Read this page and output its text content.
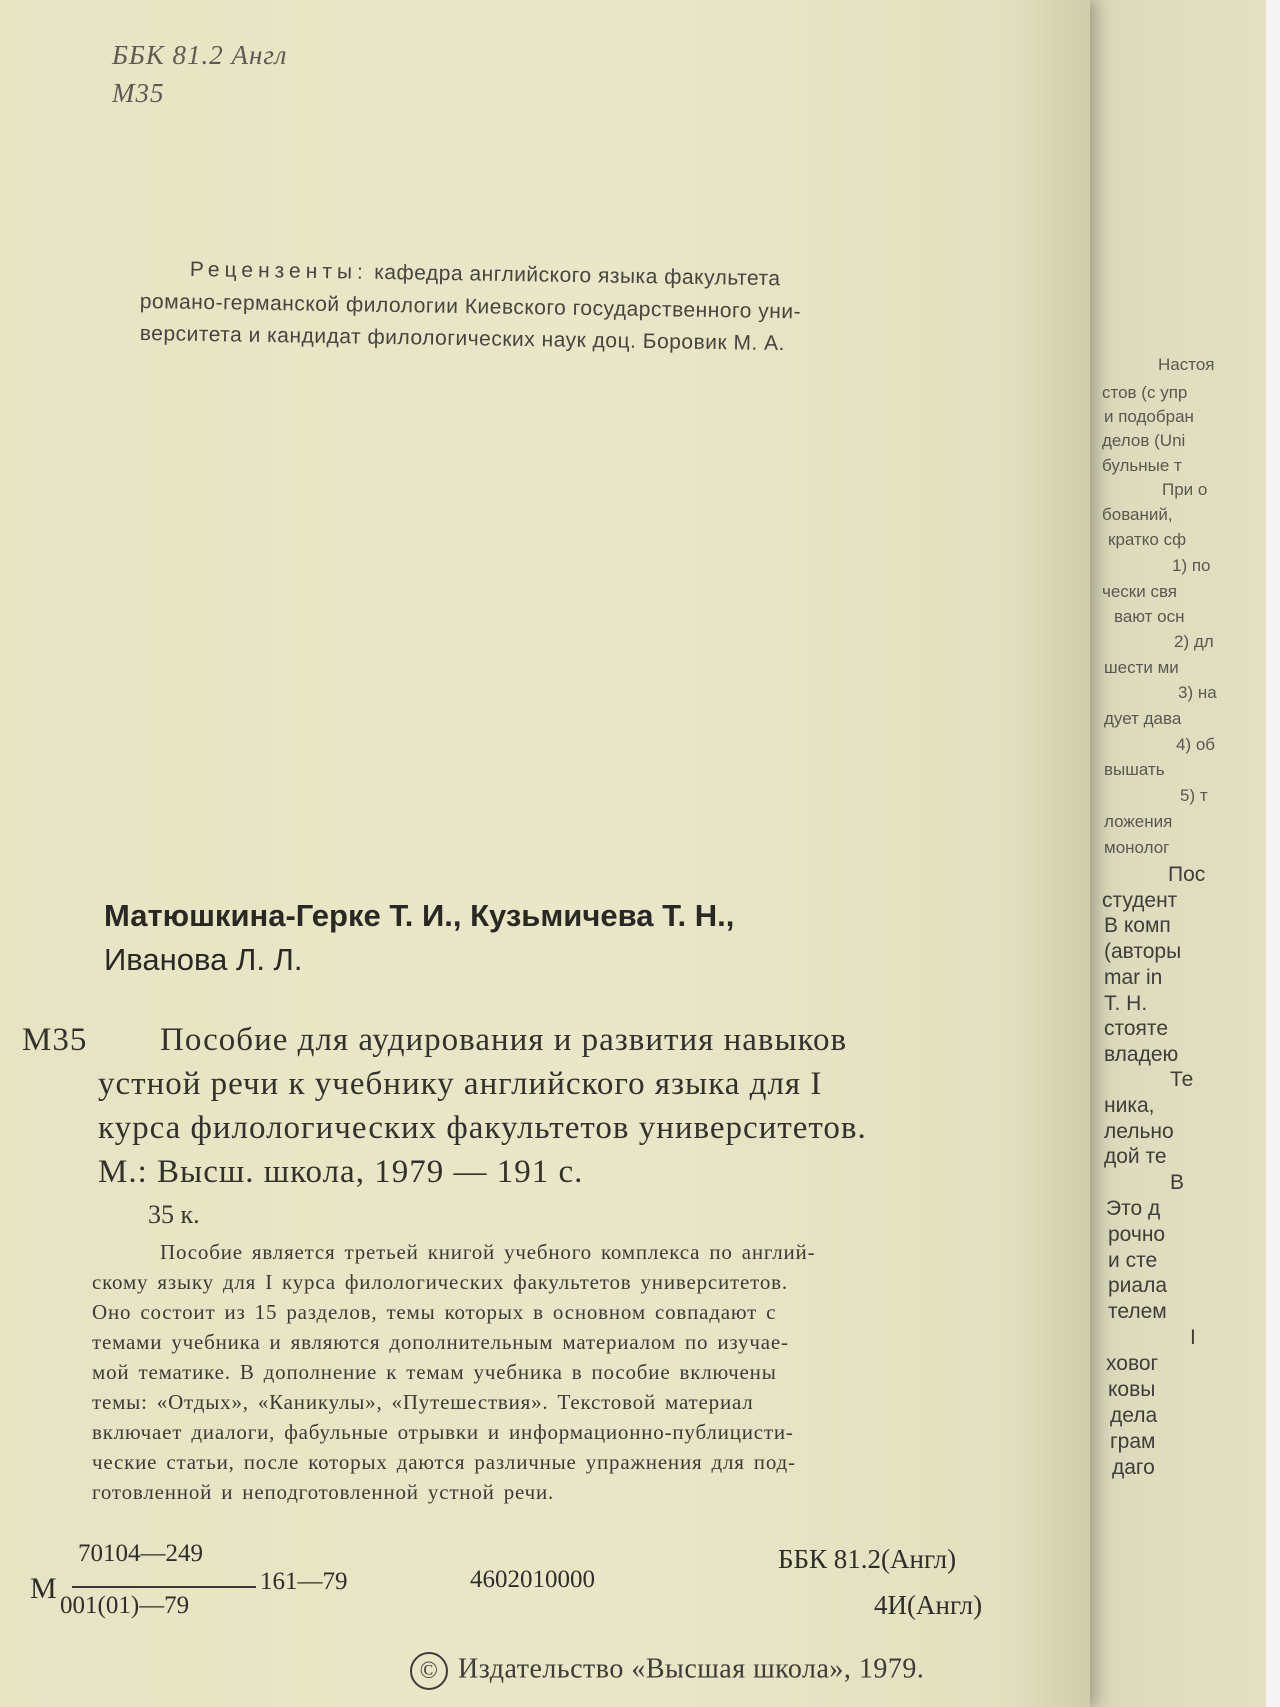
Настоя
стов (с упр
и подобран
делов (Uni
бульные т
При о
бований,
кратко сф
1) по
чески свя
вают осн
2) дл
шести ми
3) на
дует дава
4) об
вышать
5) т
ложения
монолог
Пос
студент
В комп
(авторы
mar in
Т. Н.
стояте
владею
Те
ника,
лельно
дой те
В
Это д
рочно
и сте
риала
телем
I
ховог
ковы
дела
грам
даго
ББК 81.2 Англ
М35
Рецензенты: кафедра английского языка факультета
романо-германской филологии Киевского государственного уни-
верситета и кандидат филологических наук доц. Боровик М. А.
Матюшкина-Герке Т. И., Кузьмичева Т. Н.,
Иванова Л. Л.
М35 Пособие для аудирования и развития навыков
устной речи к учебнику английского языка для I
курса филологических факультетов университетов.
М.: Высш. школа, 1979 — 191 с.
35 к.
Пособие является третьей книгой учебного комплекса по англий-
скому языку для I курса филологических факультетов университетов.
Оно состоит из 15 разделов, темы которых в основном совпадают с
темами учебника и являются дополнительным материалом по изучае-
мой тематике. В дополнение к темам учебника в пособие включены
темы: «Отдых», «Каникулы», «Путешествия». Текстовой материал
включает диалоги, фабульные отрывки и информационно-публицисти-
ческие статьи, после которых даются различные упражнения для под-
готовленной и неподготовленной устной речи.
М
70104—249
001(01)—79
161—79	4602010000
ББК 81.2(Англ)
4И(Англ)
© Издательство «Высшая школа», 1979.
